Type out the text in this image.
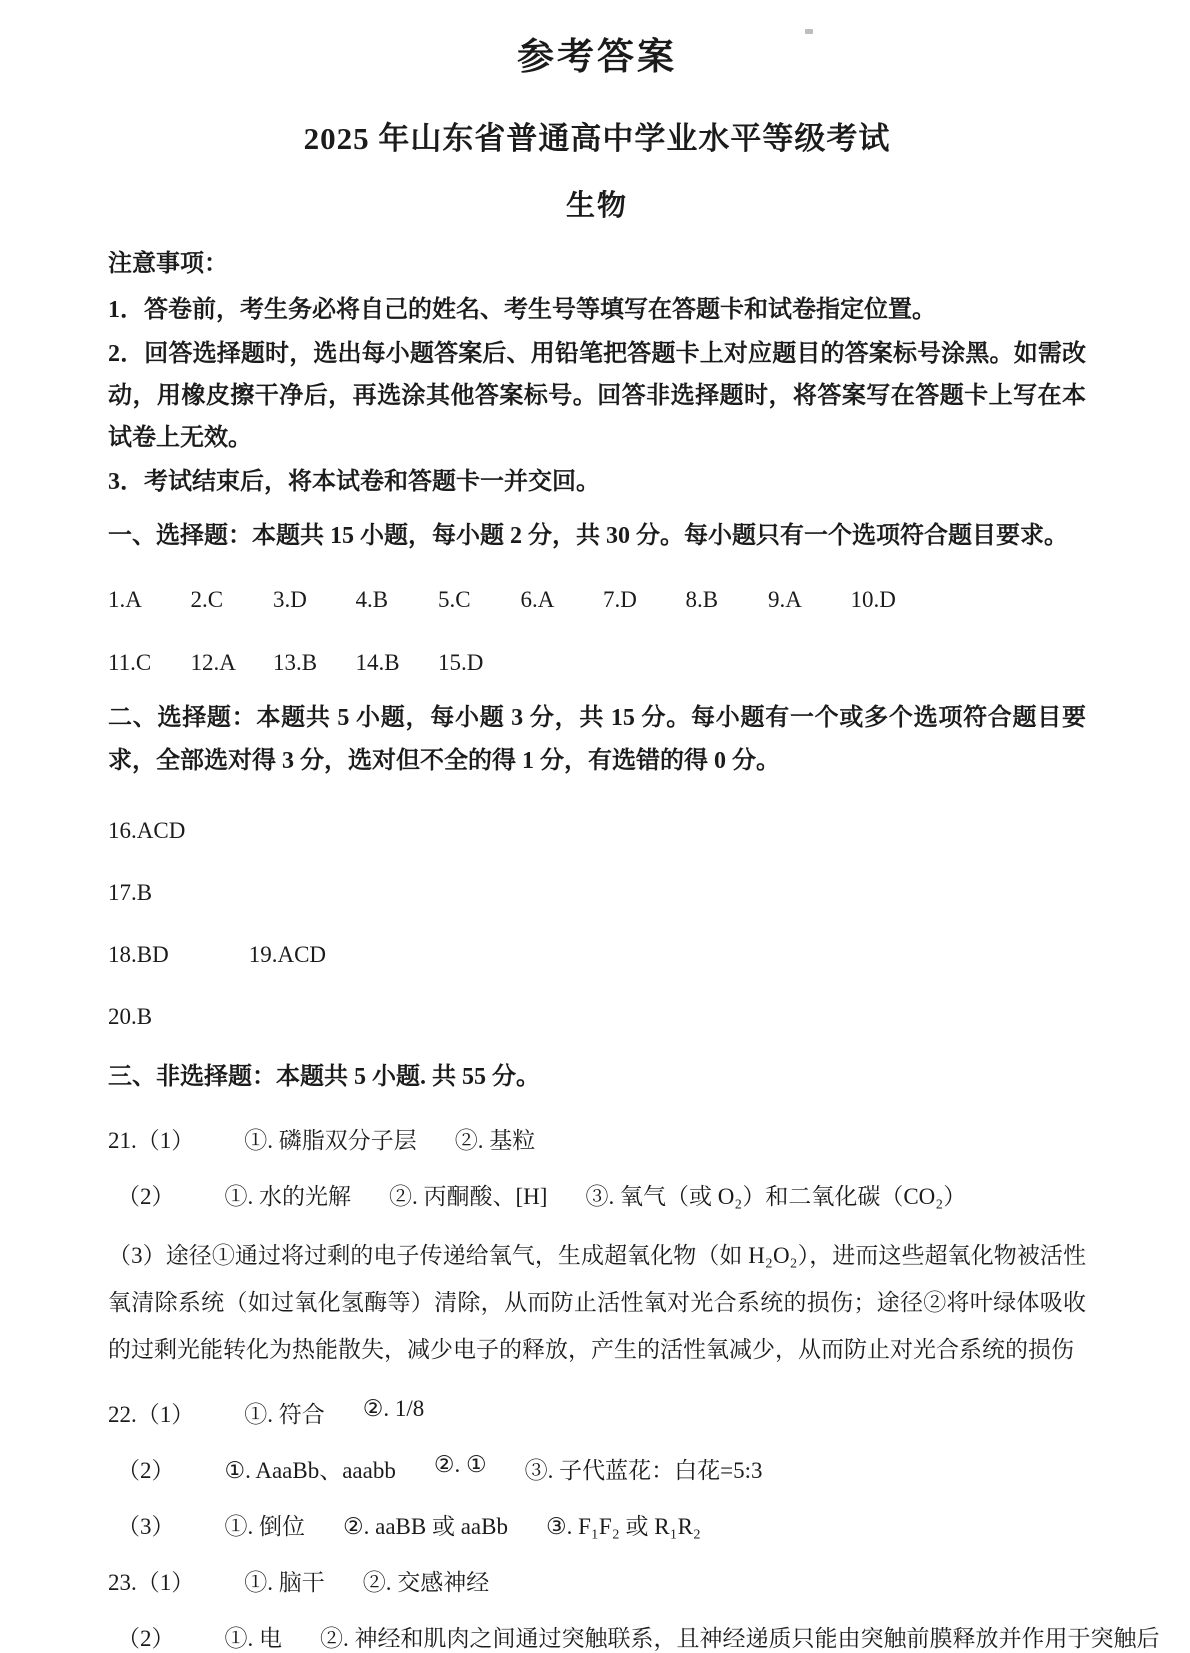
参考答案
2025 年山东省普通高中学业水平等级考试
生物
注意事项：
1．答卷前，考生务必将自己的姓名、考生号等填写在答题卡和试卷指定位置。
2．回答选择题时，选出每小题答案后、用铅笔把答题卡上对应题目的答案标号涂黑。如需改动，用橡皮擦干净后，再选涂其他答案标号。回答非选择题时，将答案写在答题卡上写在本试卷上无效。
3．考试结束后，将本试卷和答题卡一并交回。
一、选择题：本题共 15 小题，每小题 2 分，共 30 分。每小题只有一个选项符合题目要求。
1.A 2.C 3.D 4.B 5.C 6.A 7.D 8.B 9.A 10.D
11.C 12.A 13.B 14.B 15.D
二、选择题：本题共 5 小题，每小题 3 分，共 15 分。每小题有一个或多个选项符合题目要求，全部选对得 3 分，选对但不全的得 1 分，有选错的得 0 分。
16.ACD
17.B
18.BD	19.ACD
20.B
三、非选择题：本题共 5 小题. 共 55 分。
21.（1） ①. 磷脂双分子层 ②. 基粒
（2） ①. 水的光解 ②. 丙酮酸、[H] ③. 氧气（或 O₂）和二氧化碳（CO₂）
（3）途径①通过将过剩的电子传递给氧气，生成超氧化物（如 H₂O₂），进而这些超氧化物被活性氧清除系统（如过氧化氢酶等）清除，从而防止活性氧对光合系统的损伤；途径②将叶绿体吸收的过剩光能转化为热能散失，减少电子的释放，产生的活性氧减少，从而防止对光合系统的损伤
22.（1） ①. 符合 ②. 1/8
（2） ①. AaaBb、aaabb ②. ① ③. 子代蓝花：白花=5:3
（3） ①. 倒位 ②. aaBB 或 aaBb ③. F₁F₂ 或 R₁R₂
23.（1） ①. 脑干 ②. 交感神经
（2） ①. 电 ②. 神经和肌肉之间通过突触联系，且神经递质只能由突触前膜释放并作用于突触后
